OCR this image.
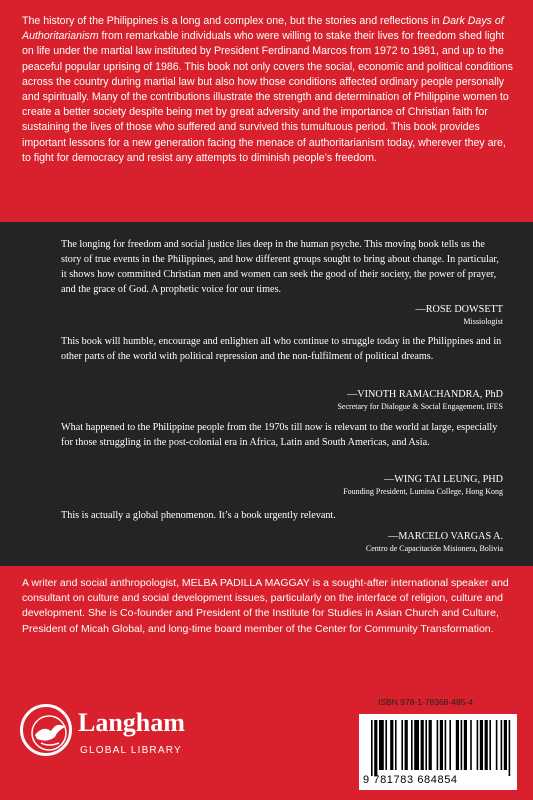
The history of the Philippines is a long and complex one, but the stories and reflections in Dark Days of Authoritarianism from remarkable individuals who were willing to stake their lives for freedom shed light on life under the martial law instituted by President Ferdinand Marcos from 1972 to 1981, and up to the peaceful popular uprising of 1986. This book not only covers the social, economic and political conditions across the country during martial law but also how those conditions affected ordinary people personally and spiritually. Many of the contributions illustrate the strength and determination of Philippine women to create a better society despite being met by great adversity and the importance of Christian faith for sustaining the lives of those who suffered and survived this tumultuous period. This book provides important lessons for a new generation facing the menace of authoritarianism today, wherever they are, to fight for democracy and resist any attempts to diminish people’s freedom.

The longing for freedom and social justice lies deep in the human psyche. This moving book tells us the story of true events in the Philippines, and how different groups sought to bring about change. In particular, it shows how committed Christian men and women can seek the good of their society, the power of prayer, and the grace of God. A prophetic voice for our times.

—ROSE DOWSETT
Missiologist

This book will humble, encourage and enlighten all who continue to struggle today in the Philippines and in other parts of the world with political repression and the non-fulfilment of political dreams.

—VINOTH RAMACHANDRA, PhD
Secretary for Dialogue & Social Engagement, IFES

What happened to the Philippine people from the 1970s till now is relevant to the world at large, especially for those struggling in the post-colonial era in Africa, Latin and South Americas, and Asia.

—WING TAI LEUNG, PHD
Founding President, Lumina College, Hong Kong

This is actually a global phenomenon. It’s a book urgently relevant.

—MARCELO VARGAS A.
Centro de Capacitación Misionera, Bolivia

A writer and social anthropologist, MELBA PADILLA MAGGAY is a sought-after international speaker and consultant on culture and social development issues, particularly on the interface of religion, culture and development. She is Co-founder and President of the Institute for Studies in Asian Church and Culture, President of Micah Global, and long-time board member of the Center for Community Transformation.

Langham
GLOBAL LIBRARY
ISBN 978-1-78368-485-4
9 781783 684854
